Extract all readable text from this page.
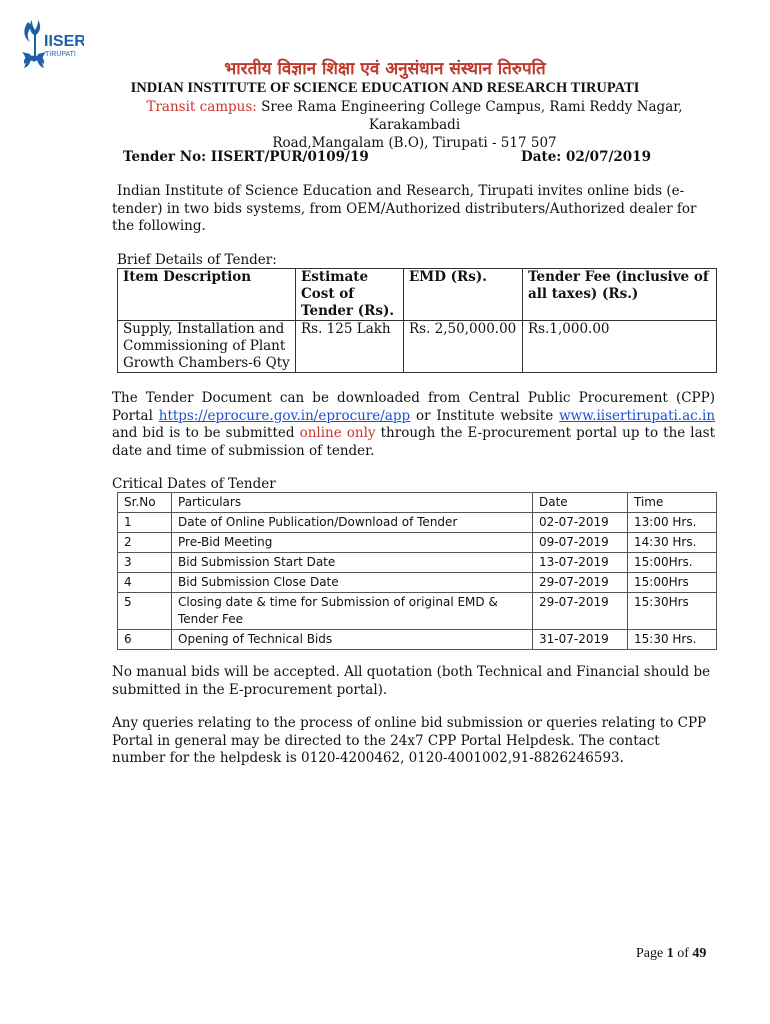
IISER
TIRUPATI
भारतीय विज्ञान शिक्षा एवं अनुसंधान संस्थान तिरुपति
INDIAN INSTITUTE OF SCIENCE EDUCATION AND RESEARCH TIRUPATI
Transit campus: Sree Rama Engineering College Campus, Rami Reddy Nagar, Karakambadi
Road,Mangalam (B.O), Tirupati - 517 507
Tender No: IISERT/PUR/0109/19	Date: 02/07/2019
Indian Institute of Science Education and Research, Tirupati invites online bids (e-tender) in two bids systems, from OEM/Authorized distributers/Authorized dealer for the following.
Brief Details of Tender:
Item Description	Estimate Cost of Tender (Rs).	EMD (Rs).	Tender Fee (inclusive of all taxes) (Rs.)
Supply, Installation and Commissioning of Plant Growth Chambers-6 Qty	Rs. 125 Lakh	Rs. 2,50,000.00	Rs.1,000.00
The Tender Document can be downloaded from Central Public Procurement (CPP) Portal https://eprocure.gov.in/eprocure/app or Institute website www.iisertirupati.ac.in and bid is to be submitted online only through the E-procurement portal up to the last date and time of submission of tender.
Critical Dates of Tender
Sr.No	Particulars	Date	Time
1	Date of Online Publication/Download of Tender	02-07-2019	13:00 Hrs.
2	Pre-Bid Meeting	09-07-2019	14:30 Hrs.
3	Bid Submission Start Date	13-07-2019	15:00Hrs.
4	Bid Submission Close Date	29-07-2019	15:00Hrs
5	Closing date & time for Submission of original EMD & Tender Fee	29-07-2019	15:30Hrs
6	Opening of Technical Bids	31-07-2019	15:30 Hrs.
No manual bids will be accepted. All quotation (both Technical and Financial should be submitted in the E-procurement portal).
Any queries relating to the process of online bid submission or queries relating to CPP Portal in general may be directed to the 24x7 CPP Portal Helpdesk. The contact number for the helpdesk is 0120-4200462, 0120-4001002,91-8826246593.
Page 1 of 49
